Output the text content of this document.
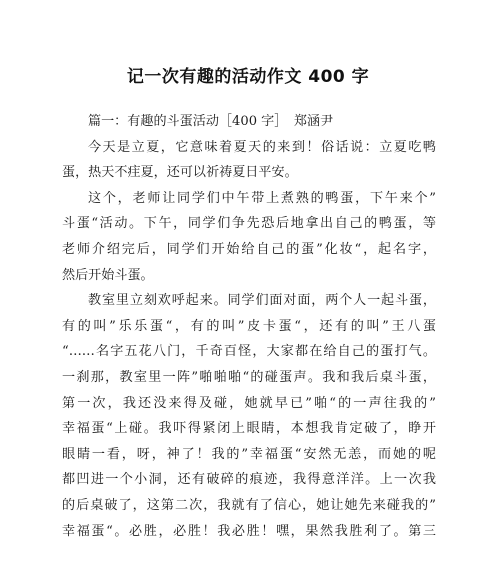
记一次有趣的活动作文 400 字
篇一：有趣的斗蛋活动［400 字］　郑涵尹
今天是立夏，它意味着夏天的来到！俗话说：立夏吃鸭
蛋，热天不疰夏，还可以祈祷夏日平安。
这个，老师让同学们中午带上煮熟的鸭蛋，下午来个”
斗蛋“活动。下午，同学们争先恐后地拿出自己的鸭蛋，等
老师介绍完后，同学们开始给自己的蛋”化妆“，起名字，
然后开始斗蛋。
教室里立刻欢呼起来。同学们面对面，两个人一起斗蛋，
有的叫”乐乐蛋“，有的叫”皮卡蛋“，还有的叫”王八蛋
“……名字五花八门，千奇百怪，大家都在给自己的蛋打气。
一刹那，教室里一阵”啪啪啪“的碰蛋声。我和我后桌斗蛋，
第一次，我还没来得及碰，她就早已”啪“的一声往我的”
幸福蛋“上碰。我吓得紧闭上眼睛，本想我肯定破了，睁开
眼睛一看，呀，神了！我的”幸福蛋“安然无恙，而她的呢
都凹进一个小洞，还有破碎的痕迹，我得意洋洋。上一次我
的后桌破了，这第二次，我就有了信心，她让她先来碰我的”
幸福蛋“。必胜，必胜！我必胜！嘿，果然我胜利了。第三
